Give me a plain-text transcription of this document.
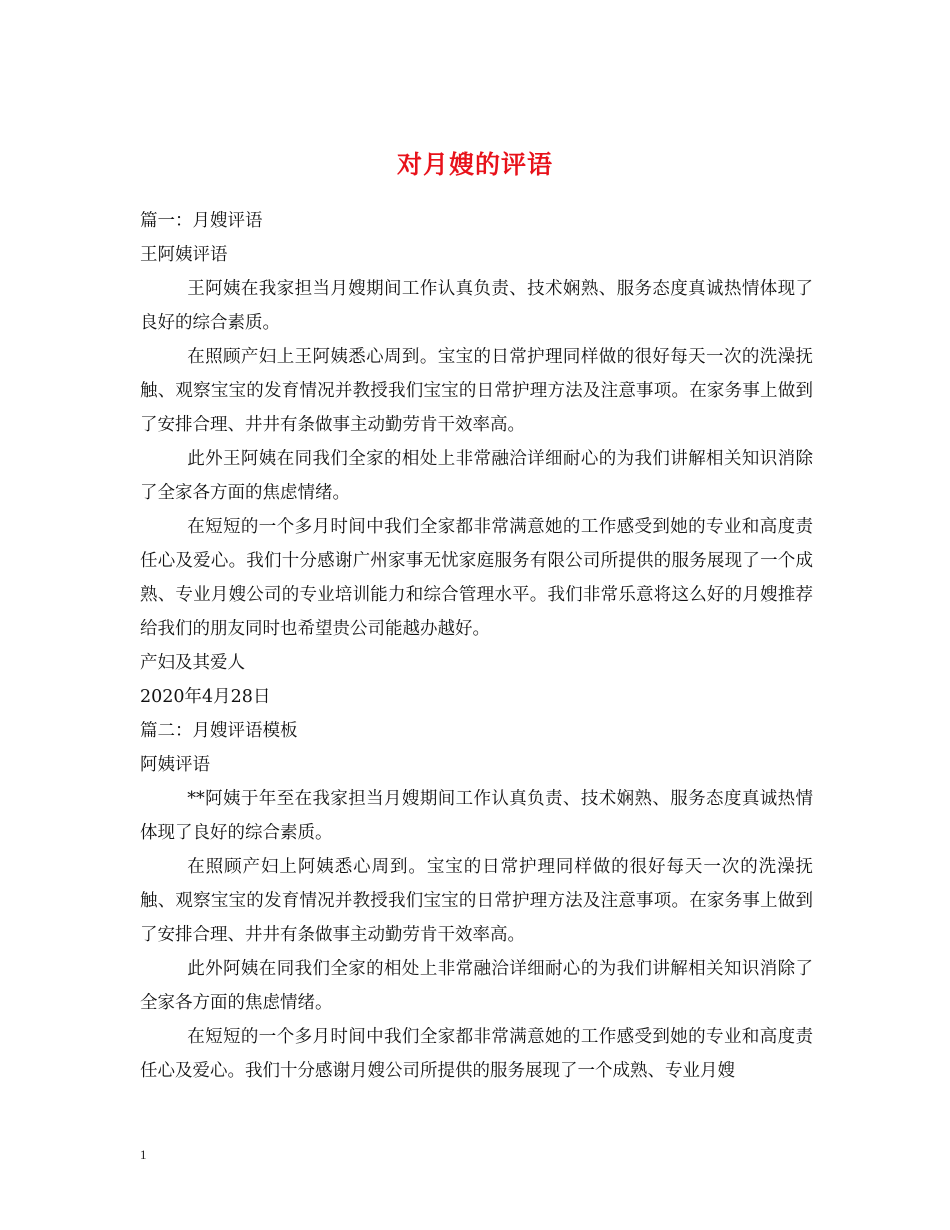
对月嫂的评语

篇一：月嫂评语

王阿姨评语

王阿姨在我家担当月嫂期间工作认真负责、技术娴熟、服务态度真诚热情体现了良好的综合素质。

在照顾产妇上王阿姨悉心周到。宝宝的日常护理同样做的很好每天一次的洗澡抚触、观察宝宝的发育情况并教授我们宝宝的日常护理方法及注意事项。在家务事上做到了安排合理、井井有条做事主动勤劳肯干效率高。

此外王阿姨在同我们全家的相处上非常融洽详细耐心的为我们讲解相关知识消除了全家各方面的焦虑情绪。

在短短的一个多月时间中我们全家都非常满意她的工作感受到她的专业和高度责任心及爱心。我们十分感谢广州家事无忧家庭服务有限公司所提供的服务展现了一个成熟、专业月嫂公司的专业培训能力和综合管理水平。我们非常乐意将这么好的月嫂推荐给我们的朋友同时也希望贵公司能越办越好。

产妇及其爱人

2020年4月28日

篇二：月嫂评语模板

阿姨评语

**阿姨于年至在我家担当月嫂期间工作认真负责、技术娴熟、服务态度真诚热情体现了良好的综合素质。

在照顾产妇上阿姨悉心周到。宝宝的日常护理同样做的很好每天一次的洗澡抚触、观察宝宝的发育情况并教授我们宝宝的日常护理方法及注意事项。在家务事上做到了安排合理、井井有条做事主动勤劳肯干效率高。

此外阿姨在同我们全家的相处上非常融洽详细耐心的为我们讲解相关知识消除了全家各方面的焦虑情绪。

在短短的一个多月时间中我们全家都非常满意她的工作感受到她的专业和高度责任心及爱心。我们十分感谢月嫂公司所提供的服务展现了一个成熟、专业月嫂

1
